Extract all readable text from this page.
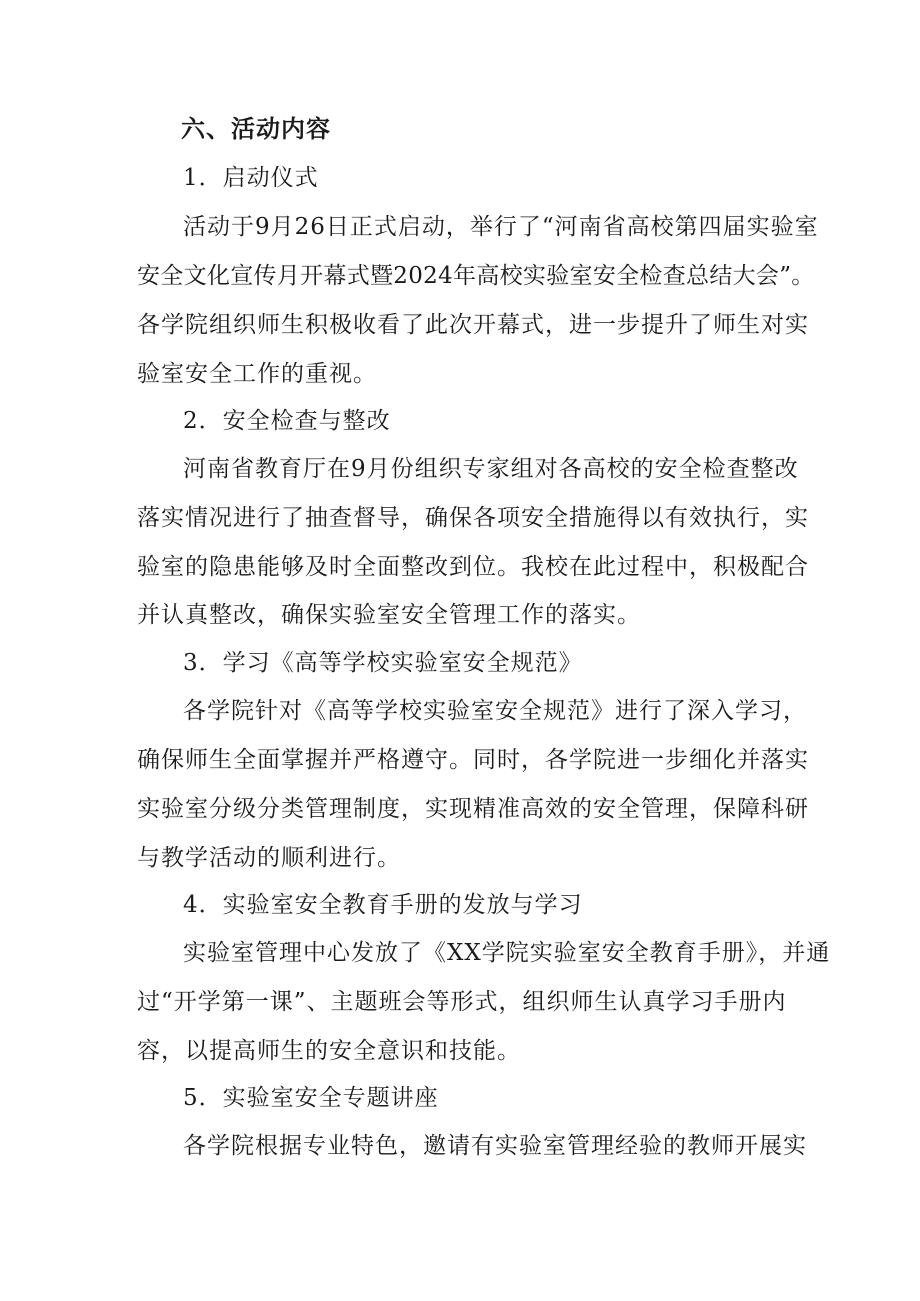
六、活动内容
1．启动仪式
活动于9月26日正式启动，举行了“河南省高校第四届实验室
安全文化宣传月开幕式暨2024年高校实验室安全检查总结大会”。
各学院组织师生积极收看了此次开幕式，进一步提升了师生对实
验室安全工作的重视。
2．安全检查与整改
河南省教育厅在9月份组织专家组对各高校的安全检查整改
落实情况进行了抽查督导，确保各项安全措施得以有效执行，实
验室的隐患能够及时全面整改到位。我校在此过程中，积极配合
并认真整改，确保实验室安全管理工作的落实。
3．学习《高等学校实验室安全规范》
各学院针对《高等学校实验室安全规范》进行了深入学习，
确保师生全面掌握并严格遵守。同时，各学院进一步细化并落实
实验室分级分类管理制度，实现精准高效的安全管理，保障科研
与教学活动的顺利进行。
4．实验室安全教育手册的发放与学习
实验室管理中心发放了《XX学院实验室安全教育手册》，并通
过“开学第一课”、主题班会等形式，组织师生认真学习手册内
容，以提高师生的安全意识和技能。
5．实验室安全专题讲座
各学院根据专业特色，邀请有实验室管理经验的教师开展实
